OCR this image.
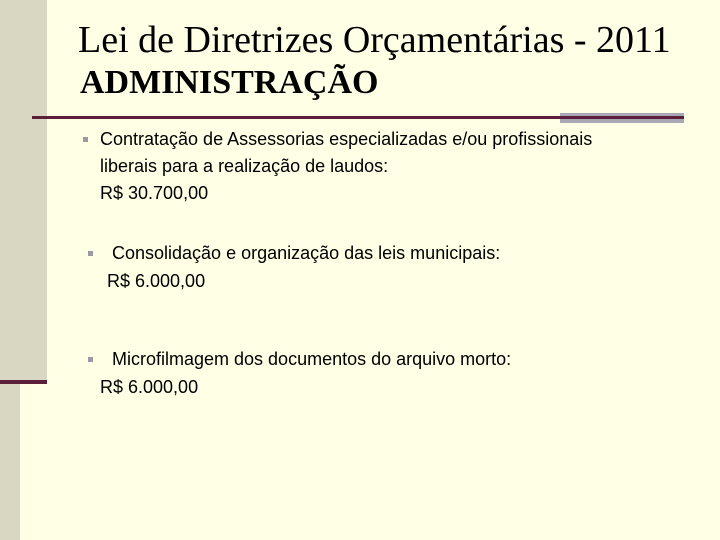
Lei de Diretrizes Orçamentárias - 2011
ADMINISTRAÇÃO
Contratação de Assessorias especializadas e/ou profissionais
liberais para a realização de laudos:
R$ 30.700,00
Consolidação e organização das leis municipais:
R$ 6.000,00
Microfilmagem dos documentos do arquivo morto:
R$ 6.000,00
